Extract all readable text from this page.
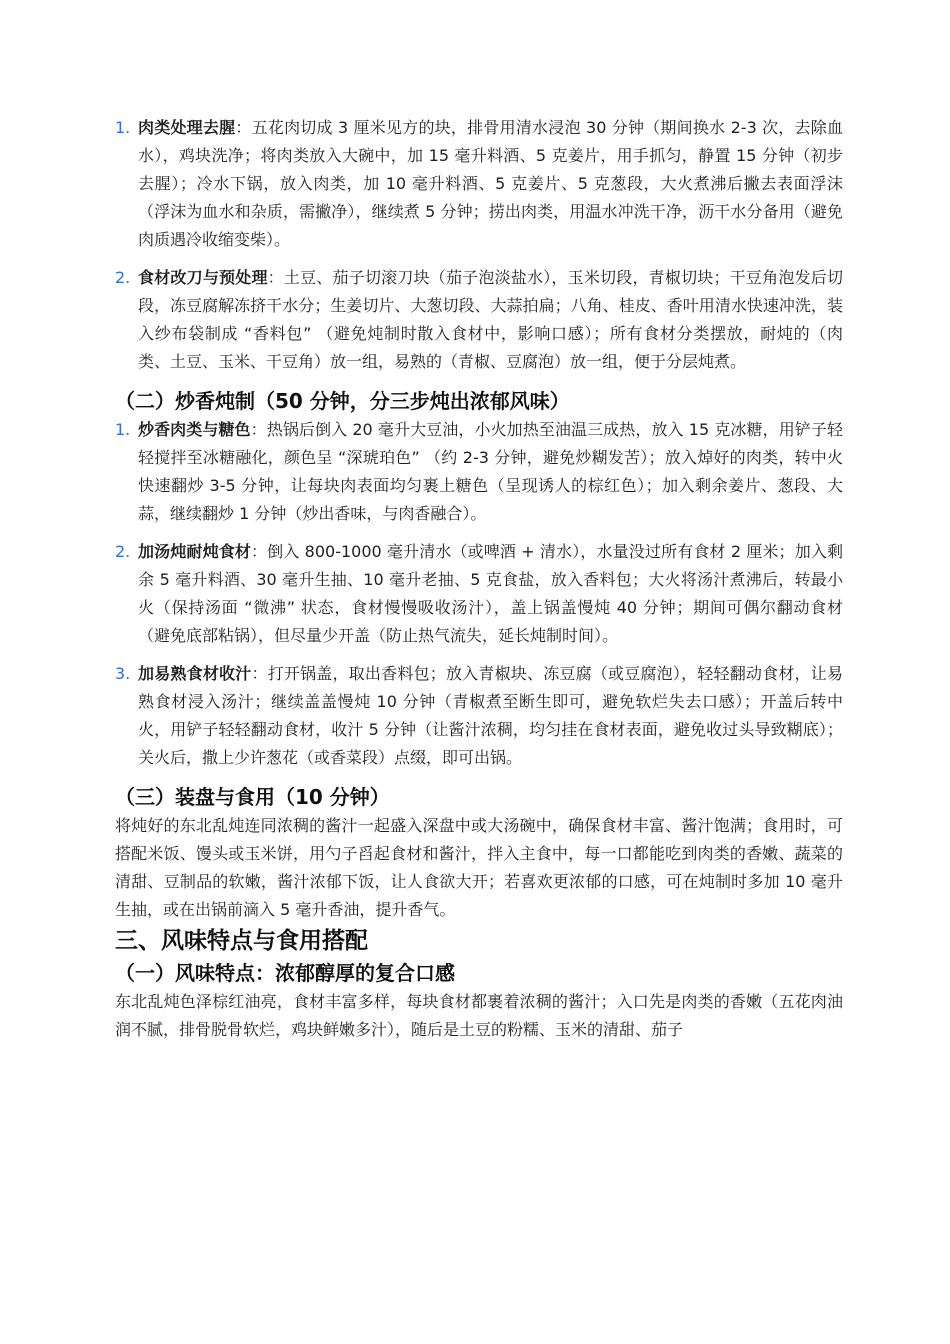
1. 肉类处理去腥：五花肉切成 3 厘米见方的块，排骨用清水浸泡 30 分钟（期间换水 2-3 次，去除血水），鸡块洗净；将肉类放入大碗中，加 15 毫升料酒、5 克姜片，用手抓匀，静置 15 分钟（初步去腥）；冷水下锅，放入肉类，加 10 毫升料酒、5 克姜片、5 克葱段，大火煮沸后撇去表面浮沫（浮沫为血水和杂质，需撇净），继续煮 5 分钟；捞出肉类，用温水冲洗干净，沥干水分备用（避免肉质遇冷收缩变柴）。
2. 食材改刀与预处理：土豆、茄子切滚刀块（茄子泡淡盐水），玉米切段，青椒切块；干豆角泡发后切段，冻豆腐解冻挤干水分；生姜切片、大葱切段、大蒜拍扁；八角、桂皮、香叶用清水快速冲洗，装入纱布袋制成 “香料包” （避免炖制时散入食材中，影响口感）；所有食材分类摆放，耐炖的（肉类、土豆、玉米、干豆角）放一组，易熟的（青椒、豆腐泡）放一组，便于分层炖煮。
（二）炒香炖制（50 分钟，分三步炖出浓郁风味）
1. 炒香肉类与糖色：热锅后倒入 20 毫升大豆油，小火加热至油温三成热，放入 15 克冰糖，用铲子轻轻搅拌至冰糖融化，颜色呈 “深琥珀色” （约 2-3 分钟，避免炒糊发苦）；放入焯好的肉类，转中火快速翻炒 3-5 分钟，让每块肉表面均匀裹上糖色（呈现诱人的棕红色）；加入剩余姜片、葱段、大蒜，继续翻炒 1 分钟（炒出香味，与肉香融合）。
2. 加汤炖耐炖食材：倒入 800-1000 毫升清水（或啤酒 + 清水），水量没过所有食材 2 厘米；加入剩余 5 毫升料酒、30 毫升生抽、10 毫升老抽、5 克食盐，放入香料包；大火将汤汁煮沸后，转最小火（保持汤面 “微沸” 状态，食材慢慢吸收汤汁），盖上锅盖慢炖 40 分钟；期间可偶尔翻动食材（避免底部粘锅），但尽量少开盖（防止热气流失，延长炖制时间）。
3. 加易熟食材收汁：打开锅盖，取出香料包；放入青椒块、冻豆腐（或豆腐泡），轻轻翻动食材，让易熟食材浸入汤汁；继续盖盖慢炖 10 分钟（青椒煮至断生即可，避免软烂失去口感）；开盖后转中火，用铲子轻轻翻动食材，收汁 5 分钟（让酱汁浓稠，均匀挂在食材表面，避免收过头导致糊底）；关火后，撒上少许葱花（或香菜段）点缀，即可出锅。
（三）装盘与食用（10 分钟）

将炖好的东北乱炖连同浓稠的酱汁一起盛入深盘中或大汤碗中，确保食材丰富、酱汁饱满；食用时，可搭配米饭、馒头或玉米饼，用勺子舀起食材和酱汁，拌入主食中，每一口都能吃到肉类的香嫩、蔬菜的清甜、豆制品的软嫩，酱汁浓郁下饭，让人食欲大开；若喜欢更浓郁的口感，可在炖制时多加 10 毫升生抽，或在出锅前滴入 5 毫升香油，提升香气。

三、风味特点与食用搭配
（一）风味特点：浓郁醇厚的复合口感

东北乱炖色泽棕红油亮，食材丰富多样，每块食材都裹着浓稠的酱汁；入口先是肉类的香嫩（五花肉油润不腻，排骨脱骨软烂，鸡块鲜嫩多汁），随后是土豆的粉糯、玉米的清甜、茄子
